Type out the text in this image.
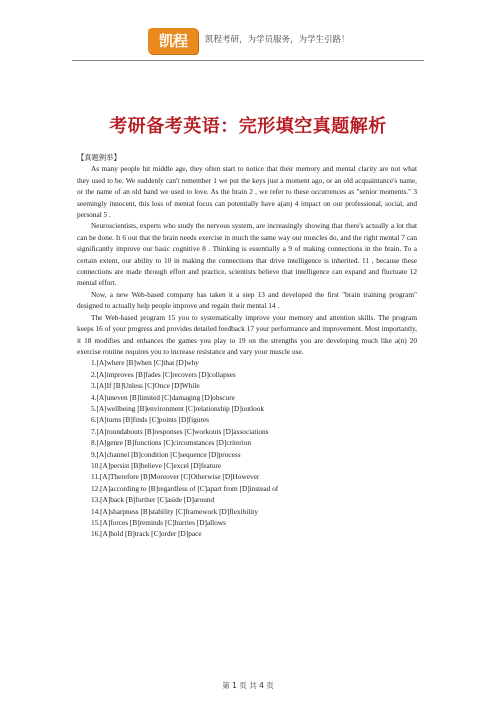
凯程	凯程考研，为学员服务，为学生引路！
考研备考英语：完形填空真题解析

【真题例举】

As many people hit middle age, they often start to notice that their memory and mental clarity are not what they used to be. We suddenly can't remember 1 we put the keys just a moment ago, or an old acquaintance's name, or the name of an old band we used to love. As the brain 2 , we refer to these occurrences as "senior moments." 3 seemingly innocent, this loss of mental focus can potentially have a(an) 4 impact on our professional, social, and personal 5 .

Neuroscientists, experts who study the nervous system, are increasingly showing that there's actually a lot that can be done. It 6 out that the brain needs exercise in much the same way our muscles do, and the right mental 7 can significantly improve our basic cognitive 8 . Thinking is essentially a 9 of making connections in the brain. To a certain extent, our ability to 10 in making the connections that drive intelligence is inherited. 11 , because these connections are made through effort and practice, scientists believe that intelligence can expand and fluctuate 12 mental effort.

Now, a new Web-based company has taken it a step 13 and developed the first "brain training program" designed to actually help people improve and regain their mental 14 .

The Web-based program 15 you to systematically improve your memory and attention skills. The program keeps 16 of your progress and provides detailed feedback 17 your performance and improvement. Most importantly, it 18 modifies and enhances the games you play to 19 on the strengths you are developing much like a(n) 20 exercise routine requires you to increase resistance and vary your muscle use.

1.[A]where [B]when [C]that [D]why
2.[A]improves [B]fades [C]recovers [D]collapses
3.[A]If [B]Unless [C]Once [D]While
4.[A]uneven [B]limited [C]damaging [D]obscure
5.[A]wellbeing [B]environment [C]relationship [D]outlook
6.[A]turns [B]finds [C]points [D]figures
7.[A]roundabouts [B]responses [C]workouts [D]associations
8.[A]genre [B]functions [C]circumstances [D]criterion
9.[A]channel [B]condition [C]sequence [D]process
10.[A]persist [B]believe [C]excel [D]feature
11.[A]Therefore [B]Moreover [C]Otherwise [D]However
12.[A]according to [B]regardless of [C]apart from [D]instead of
13.[A]back [B]further [C]aside [D]around
14.[A]sharpness [B]stability [C]framework [D]flexibility
15.[A]forces [B]reminds [C]hurries [D]allows
16.[A]hold [B]track [C]order [D]pace
第 1 页 共 4 页
